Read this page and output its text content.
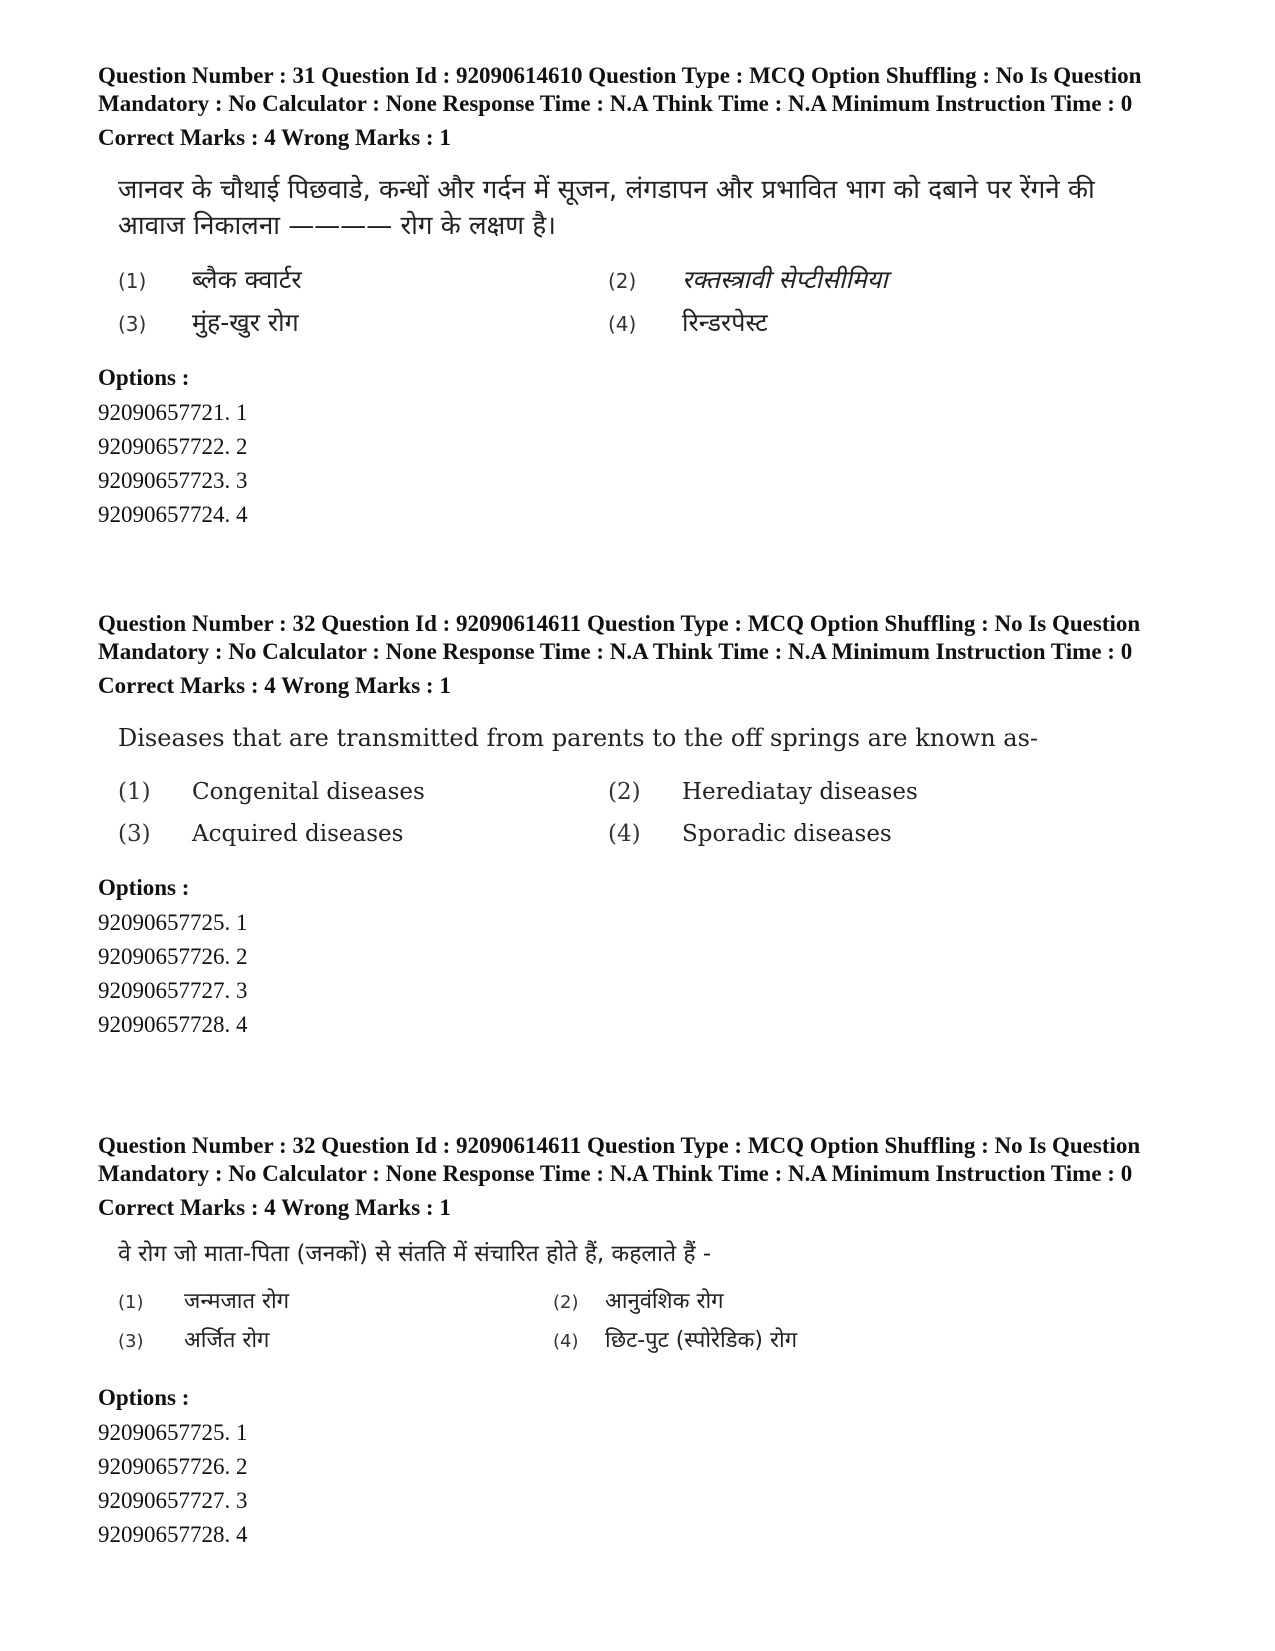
Question Number : 31 Question Id : 92090614610 Question Type : MCQ Option Shuffling : No Is Question Mandatory : No Calculator : None Response Time : N.A Think Time : N.A Minimum Instruction Time : 0

Correct Marks : 4 Wrong Marks : 1
जानवर के चौथाई पिछवाडे, कन्धों और गर्दन में सूजन, लंगडापन और प्रभावित भाग को दबाने पर रेंगने की आवाज निकालना ———— रोग के लक्षण है।
(1)	ब्लैक क्वार्टर	(2)	रक्तस्त्रावी सेप्टीसीमिया
(3)	मुंह-खुर रोग	(4)	रिन्डरपेस्ट
Options :
92090657721. 1
92090657722. 2
92090657723. 3
92090657724. 4

Question Number : 32 Question Id : 92090614611 Question Type : MCQ Option Shuffling : No Is Question Mandatory : No Calculator : None Response Time : N.A Think Time : N.A Minimum Instruction Time : 0

Correct Marks : 4 Wrong Marks : 1
Diseases that are transmitted from parents to the off springs are known as-
(1)	Congenital diseases	(2)	Herediatay diseases
(3)	Acquired diseases	(4)	Sporadic diseases
Options :
92090657725. 1
92090657726. 2
92090657727. 3
92090657728. 4

Question Number : 32 Question Id : 92090614611 Question Type : MCQ Option Shuffling : No Is Question Mandatory : No Calculator : None Response Time : N.A Think Time : N.A Minimum Instruction Time : 0

Correct Marks : 4 Wrong Marks : 1
वे रोग जो माता-पिता (जनकों) से संतति में संचारित होते हैं, कहलाते हैं -
(1)	जन्मजात रोग	(2)	आनुवंशिक रोग
(3)	अर्जित रोग	(4)	छिट-पुट (स्पोरेडिक) रोग
Options :
92090657725. 1
92090657726. 2
92090657727. 3
92090657728. 4
